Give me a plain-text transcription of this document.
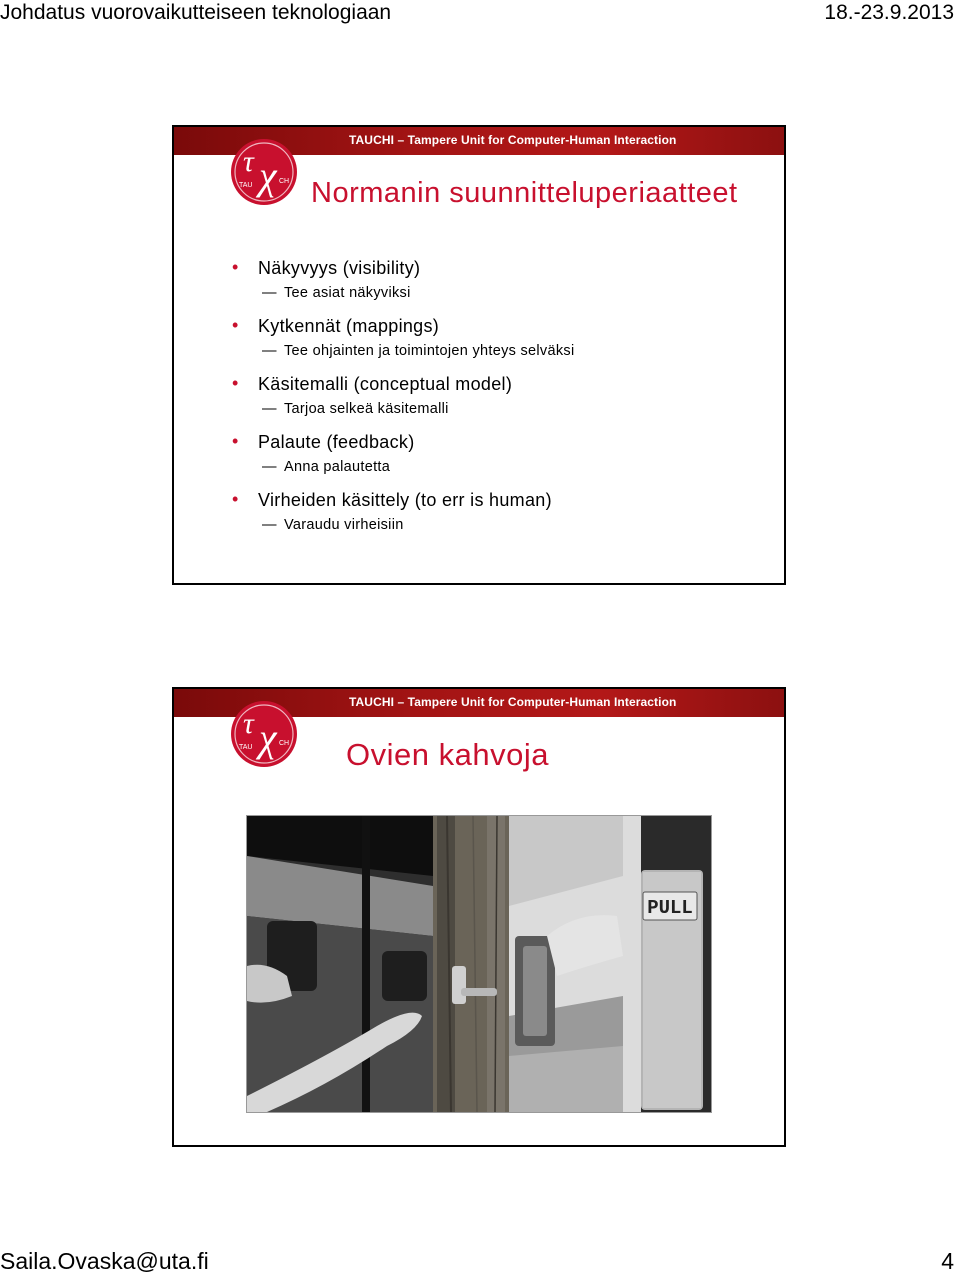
Johdatus vuorovaikutteiseen teknologiaan	18.-23.9.2013
TAUCHI – Tampere Unit for Computer-Human Interaction
τ χ
TAU
CH Normanin suunnitteluperiaatteet
• Näkyvyys (visibility)
— Tee asiat näkyviksi
• Kytkennät (mappings)
— Tee ohjainten ja toimintojen yhteys selväksi
• Käsitemalli (conceptual model)
— Tarjoa selkeä käsitemalli
• Palaute (feedback)
— Anna palautetta
• Virheiden käsittely (to err is human)
— Varaudu virheisiin
TAUCHI – Tampere Unit for Computer-Human Interaction
τ χ
TAU
CH Ovien kahvoja
PULL
Saila.Ovaska@uta.fi	4
